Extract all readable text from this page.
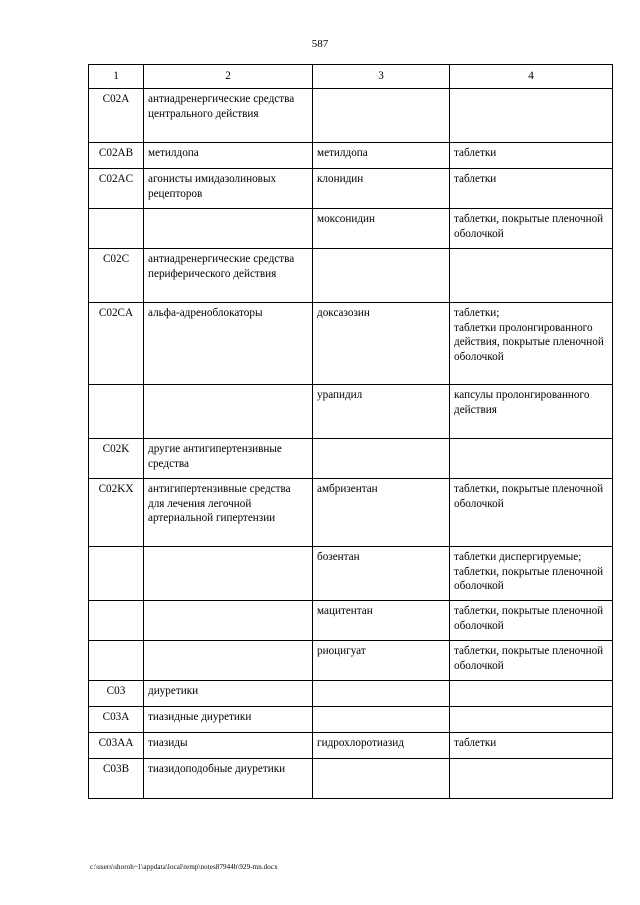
587
1	2	3	4
C02A	антиадренергические средства центрального действия		
C02AB	метилдопа	метилдопа	таблетки
C02AC	агонисты имидазолиновых рецепторов	клонидин	таблетки
		моксонидин	таблетки, покрытые пленочной оболочкой
C02C	антиадренергические средства периферического действия		
C02CA	альфа-адреноблокаторы	доксазозин	таблетки;
таблетки пролонгированного действия, покрытые пленочной оболочкой
		урапидил	капсулы пролонгированного действия
C02K	другие антигипертензивные средства		
C02KX	антигипертензивные средства для лечения легочной артериальной гипертензии	амбризентан	таблетки, покрытые пленочной оболочкой
		бозентан	таблетки диспергируемые;
таблетки, покрытые пленочной оболочкой
		мацитентан	таблетки, покрытые пленочной оболочкой
		риоцигуат	таблетки, покрытые пленочной оболочкой
C03	диуретики		
C03A	тиазидные диуретики		
C03AA	тиазиды	гидрохлоротиазид	таблетки
C03B	тиазидоподобные диуретики		
c:\users\shoroh~1\appdata\local\temp\notes87944b\929-mn.docx
